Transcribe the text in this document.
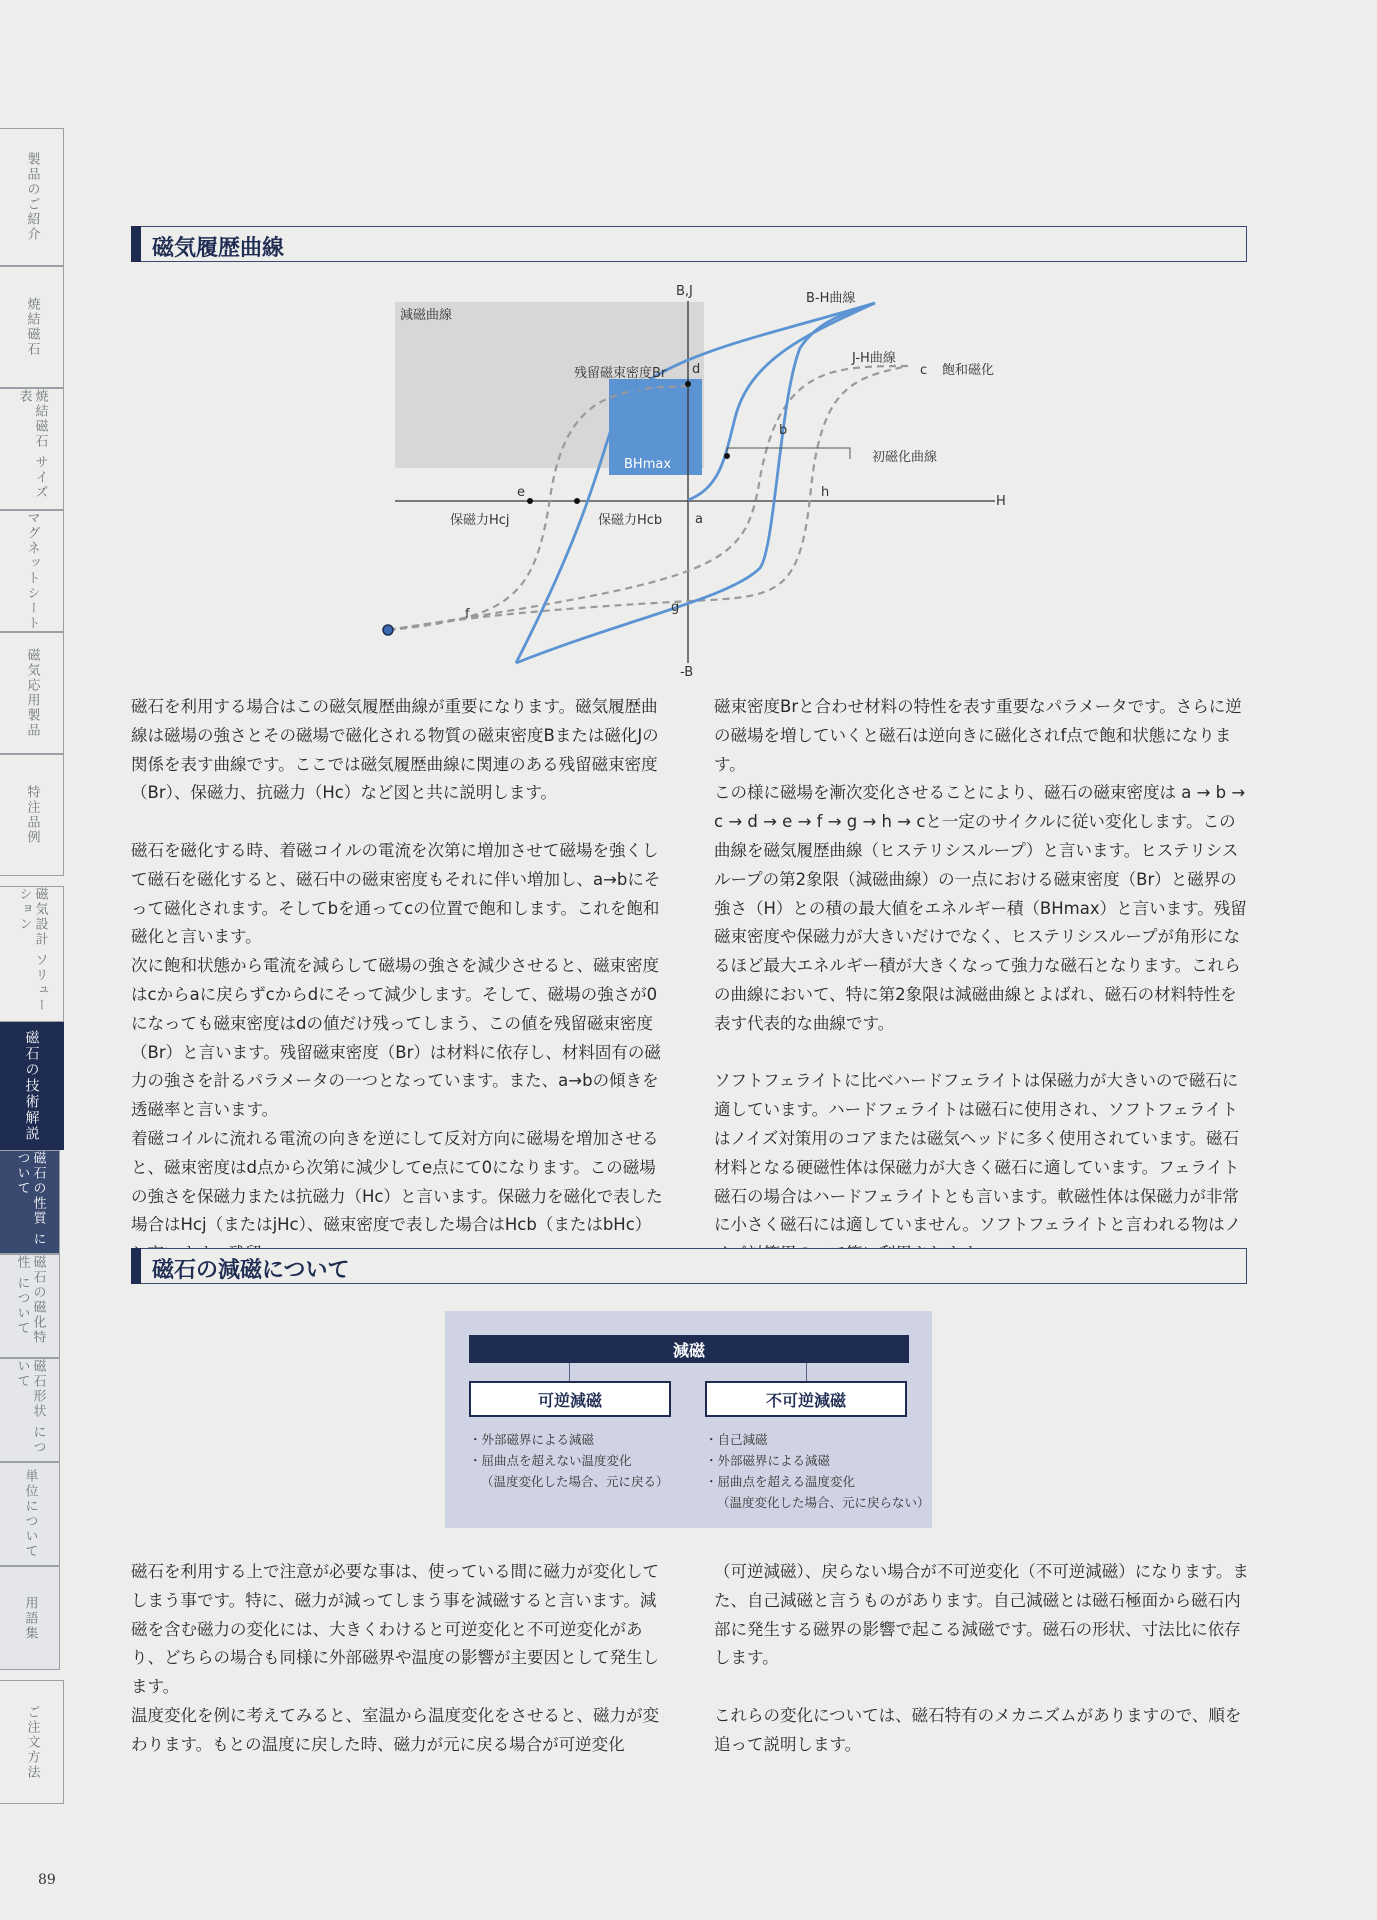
製品のご紹介
焼結磁石
焼結磁石 サイズ表
マグネットシート
磁気応用製品
特注品例
磁気設計 ソリューション
磁石の技術解説
磁石の性質 について
磁石の磁化特性 について
磁石形状 について
単位について
用語集
ご注文方法
磁気履歴曲線
B,J
-B
H
減磁曲線
BHmax
B-H曲線
J-H曲線
飽和磁化
初磁化曲線
残留磁束密度Br
保磁力Hcj	保磁力Hcb	a
b
c
d
e
f	g
h

磁石を利用する場合はこの磁気履歴曲線が重要になります。磁気履歴曲線は磁場の強さとその磁場で磁化される物質の磁束密度Bまたは磁化Jの関係を表す曲線です。ここでは磁気履歴曲線に関連のある残留磁束密度（Br）、保磁力、抗磁力（Hc）など図と共に説明します。

磁石を磁化する時、着磁コイルの電流を次第に増加させて磁場を強くして磁石を磁化すると、磁石中の磁束密度もそれに伴い増加し、a→bにそって磁化されます。そしてbを通ってcの位置で飽和します。これを飽和磁化と言います。

次に飽和状態から電流を減らして磁場の強さを減少させると、磁束密度はcからaに戻らずcからdにそって減少します。そして、磁場の強さが0になっても磁束密度はdの値だけ残ってしまう、この値を残留磁束密度（Br）と言います。残留磁束密度（Br）は材料に依存し、材料固有の磁力の強さを計るパラメータの一つとなっています。また、a→bの傾きを透磁率と言います。

着磁コイルに流れる電流の向きを逆にして反対方向に磁場を増加させると、磁束密度はd点から次第に減少してe点にて0になります。この磁場の強さを保磁力または抗磁力（Hc）と言います。保磁力を磁化で表した場合はHcj（またはjHc）、磁束密度で表した場合はHcb（またはbHc）

磁束密度Brと合わせ材料の特性を表す重要なパラメータです。さらに逆の磁場を増していくと磁石は逆向きに磁化されf点で飽和状態になります。

この様に磁場を漸次変化させることにより、磁石の磁束密度は a → b → c → d → e → f → g → h → cと一定のサイクルに従い変化します。この曲線を磁気履歴曲線（ヒステリシスループ）と言います。ヒステリシスループの第2象限（減磁曲線）の一点における磁束密度（Br）と磁界の強さ（H）との積の最大値をエネルギー積（BHmax）と言います。残留磁束密度や保磁力が大きいだけでなく、ヒステリシスループが角形になるほど最大エネルギー積が大きくなって強力な磁石となります。これらの曲線において、特に第2象限は減磁曲線とよばれ、磁石の材料特性を表す代表的な曲線です。

ソフトフェライトに比べハードフェライトは保磁力が大きいので磁石に適しています。ハードフェライトは磁石に使用され、ソフトフェライトはノイズ対策用のコアまたは磁気ヘッドに多く使用されています。磁石材料となる硬磁性体は保磁力が大きく磁石に適しています。フェライト磁石の場合はハードフェライトとも言います。軟磁性体は保磁力が非常に小さく磁石には適していません。ソフトフェライトと言われる物はノ

磁石の減磁について
減磁
可逆減磁	不可逆減磁
・外部磁界による減磁
・屈曲点を超えない温度変化
（温度変化した場合、元に戻る）
・自己減磁
・外部磁界による減磁
・屈曲点を超える温度変化
（温度変化した場合、元に戻らない）

磁石を利用する上で注意が必要な事は、使っている間に磁力が変化してしまう事です。特に、磁力が減ってしまう事を減磁すると言います。減磁を含む磁力の変化には、大きくわけると可逆変化と不可逆変化があり、どちらの場合も同様に外部磁界や温度の影響が主要因として発生します。

温度変化を例に考えてみると、室温から温度変化をさせると、磁力が変わります。もとの温度に戻した時、磁力が元に戻る場合が可逆変化

（可逆減磁）、戻らない場合が不可逆変化（不可逆減磁）になります。また、自己減磁と言うものがあります。自己減磁とは磁石極面から磁石内部に発生する磁界の影響で起こる減磁です。磁石の形状、寸法比に依存します。

これらの変化については、磁石特有のメカニズムがありますので、順を追って説明します。

89
